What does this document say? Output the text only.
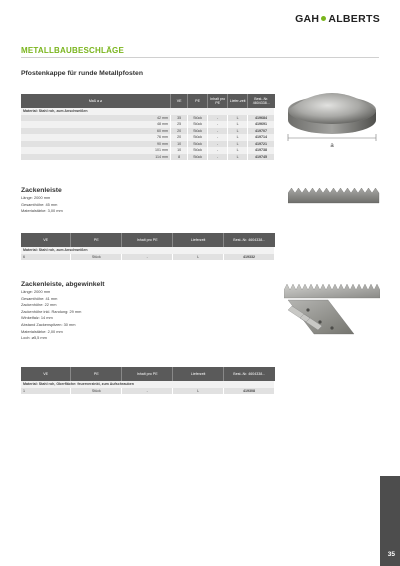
GAH ALBERTS
METALLBAUBESCHLÄGE
Pfostenkappe für runde Metallpfosten
Maß a ⌀	VE	PE	Inhalt pro PE	Liefer-zeit	Best.-Nr. 4604338...
Material: Stahl roh, zum Anschweißen					
42 mm	35	Stück	-	L	419684
48 mm	25	Stück	-	L	419691
60 mm	20	Stück	-	L	419707
76 mm	20	Stück	-	L	419714
90 mm	10	Stück	-	L	419721
101 mm	10	Stück	-	L	419738
114 mm	8	Stück	-	L	419745
a
Zackenleiste
Länge: 2000 mm
Gesamthöhe: 45 mm
Materialstärke: 3,00 mm
VE	PE	Inhalt pro PE	Lieferzeit	Best.-Nr. 4604338...
Material: Stahl roh, zum Anschweißen				
6	Stück	-	L	419332
Zackenleiste, abgewinkelt
Länge: 2000 mm
Gesamthöhe: 41 mm
Zackenhöhe: 22 mm
Zackenhöhe inkl. Randung: 29 mm
Winkelfalz: 14 mm
Abstand Zackenspitzen: 30 mm
Materialstärke: 2,00 mm
Loch: ⌀5,5 mm
VE	PE	Inhalt pro PE	Lieferzeit	Best.-Nr. 4604338...
Material: Stahl roh, Oberfläche: feuerverzinkt, zum Aufschrauben				
1	Stück	-	L	419308
35
